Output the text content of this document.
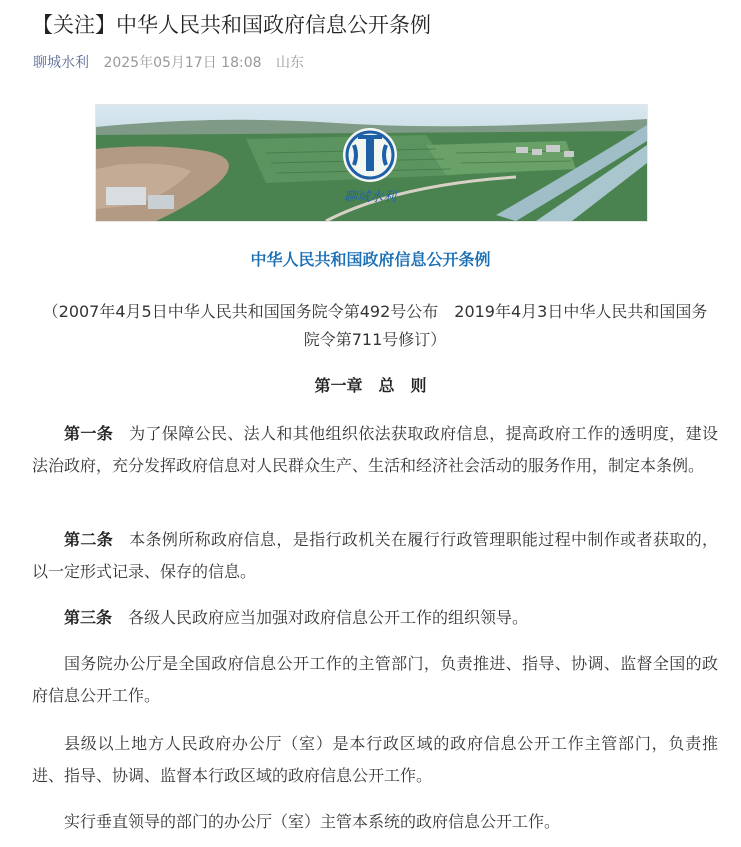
【关注】中华人民共和国政府信息公开条例
聊城水利 2025年05月17日 18:08 山东
聊城水利
中华人民共和国政府信息公开条例
（2007年4月5日中华人民共和国国务院令第492号公布　2019年4月3日中华人民共和国国务院令第711号修订）
第一章　总　则
第一条 为了保障公民、法人和其他组织依法获取政府信息，提高政府工作的透明度，建设法治政府，充分发挥政府信息对人民群众生产、生活和经济社会活动的服务作用，制定本条例。
第二条 本条例所称政府信息，是指行政机关在履行行政管理职能过程中制作或者获取的，以一定形式记录、保存的信息。
第三条 各级人民政府应当加强对政府信息公开工作的组织领导。
国务院办公厅是全国政府信息公开工作的主管部门，负责推进、指导、协调、监督全国的政府信息公开工作。
县级以上地方人民政府办公厅（室）是本行政区域的政府信息公开工作主管部门，负责推进、指导、协调、监督本行政区域的政府信息公开工作。
实行垂直领导的部门的办公厅（室）主管本系统的政府信息公开工作。
